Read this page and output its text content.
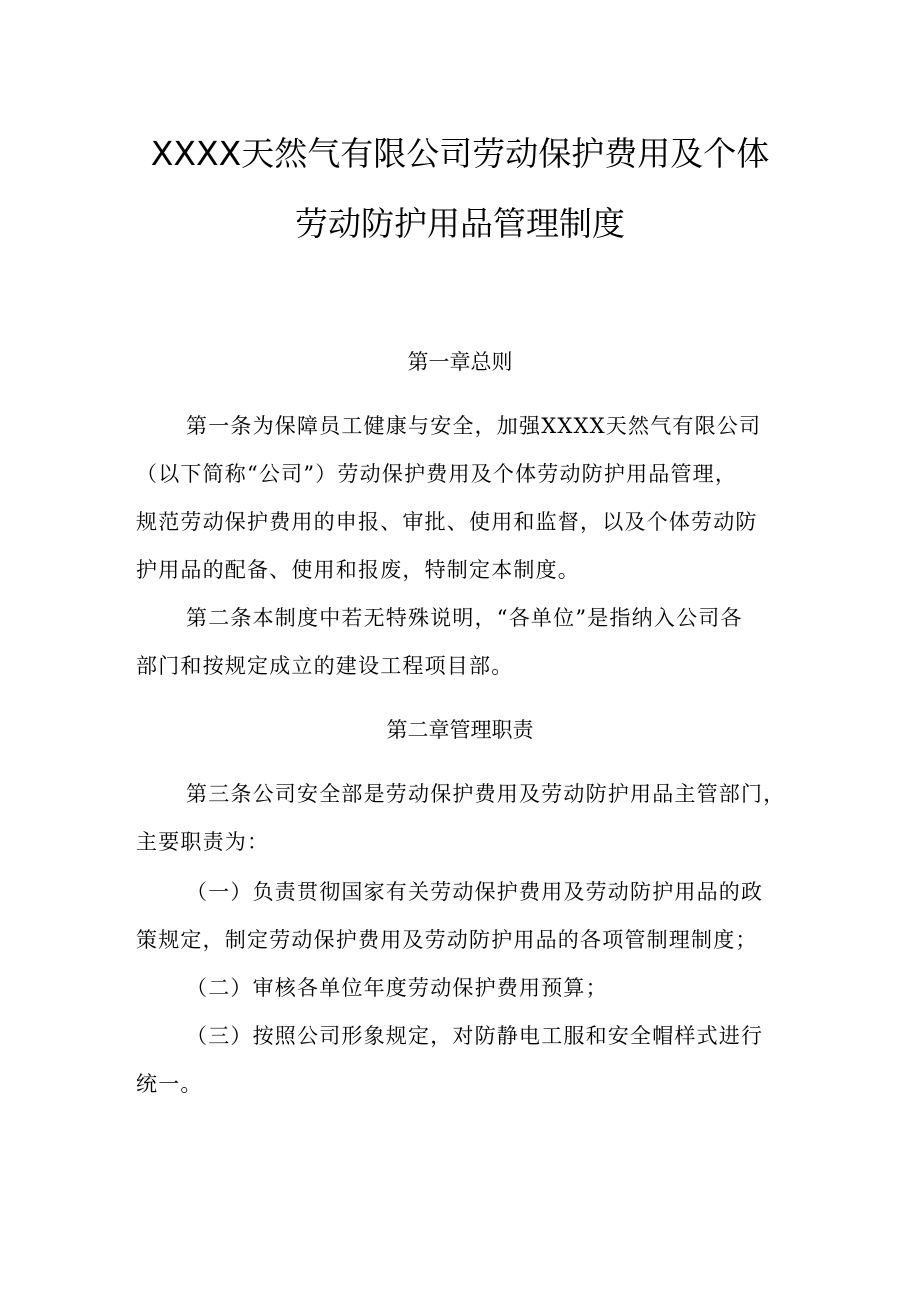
XXXX天然气有限公司劳动保护费用及个体
劳动防护用品管理制度
第一章总则
第一条为保障员工健康与安全，加强XXXX天然气有限公司
（以下简称“公司”）劳动保护费用及个体劳动防护用品管理，
规范劳动保护费用的申报、审批、使用和监督，以及个体劳动防
护用品的配备、使用和报废，特制定本制度。
第二条本制度中若无特殊说明，“各单位”是指纳入公司各
部门和按规定成立的建设工程项目部。
第二章管理职责
第三条公司安全部是劳动保护费用及劳动防护用品主管部门，
主要职责为：
（一）负责贯彻国家有关劳动保护费用及劳动防护用品的政
策规定，制定劳动保护费用及劳动防护用品的各项管制理制度；
（二）审核各单位年度劳动保护费用预算；
（三）按照公司形象规定，对防静电工服和安全帽样式进行
统一。
